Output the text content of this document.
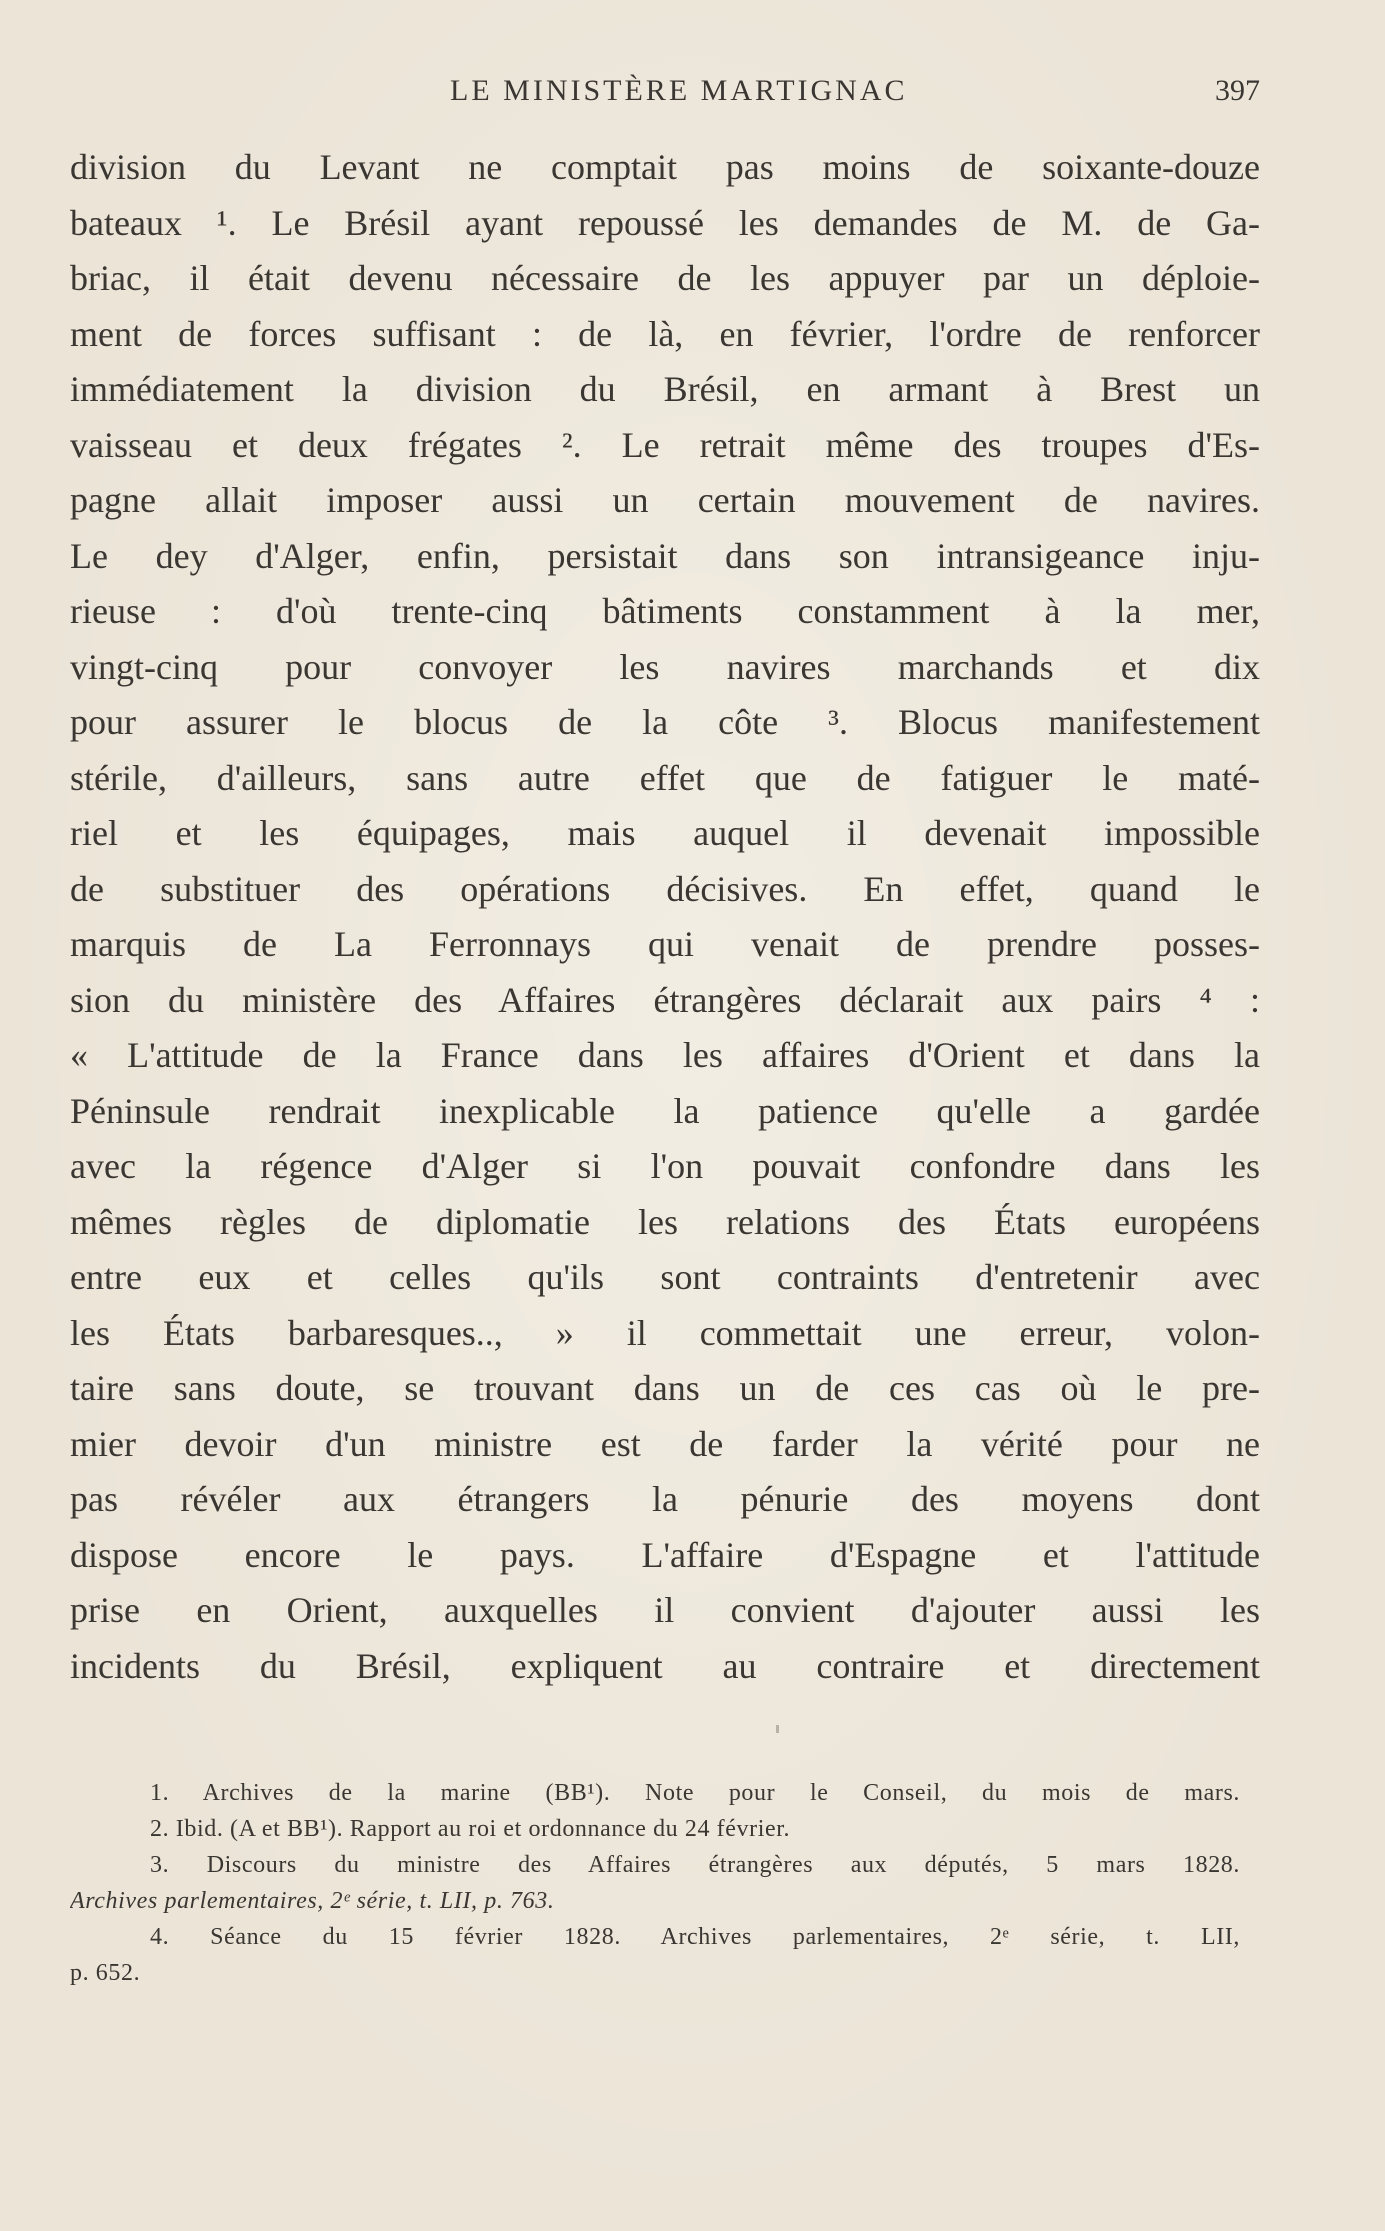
LE MINISTÈRE MARTIGNAC	397
division du Levant ne comptait pas moins de soixante-douze
bateaux ¹. Le Brésil ayant repoussé les demandes de M. de Ga-
briac, il était devenu nécessaire de les appuyer par un déploie-
ment de forces suffisant : de là, en février, l'ordre de renforcer
immédiatement la division du Brésil, en armant à Brest un
vaisseau et deux frégates ². Le retrait même des troupes d'Es-
pagne allait imposer aussi un certain mouvement de navires.
Le dey d'Alger, enfin, persistait dans son intransigeance inju-
rieuse : d'où trente-cinq bâtiments constamment à la mer,
vingt-cinq pour convoyer les navires marchands et dix
pour assurer le blocus de la côte ³. Blocus manifestement
stérile, d'ailleurs, sans autre effet que de fatiguer le maté-
riel et les équipages, mais auquel il devenait impossible
de substituer des opérations décisives. En effet, quand le
marquis de La Ferronnays qui venait de prendre posses-
sion du ministère des Affaires étrangères déclarait aux pairs ⁴ :
« L'attitude de la France dans les affaires d'Orient et dans la
Péninsule rendrait inexplicable la patience qu'elle a gardée
avec la régence d'Alger si l'on pouvait confondre dans les
mêmes règles de diplomatie les relations des États européens
entre eux et celles qu'ils sont contraints d'entretenir avec
les États barbaresques.., » il commettait une erreur, volon-
taire sans doute, se trouvant dans un de ces cas où le pre-
mier devoir d'un ministre est de farder la vérité pour ne
pas révéler aux étrangers la pénurie des moyens dont
dispose encore le pays. L'affaire d'Espagne et l'attitude
prise en Orient, auxquelles il convient d'ajouter aussi les
incidents du Brésil, expliquent au contraire et directement
1. Archives de la marine (BB¹). Note pour le Conseil, du mois de mars.
2. Ibid. (A et BB¹). Rapport au roi et ordonnance du 24 février.
3. Discours du ministre des Affaires étrangères aux députés, 5 mars 1828.
Archives parlementaires, 2ᵉ série, t. LII, p. 763.
4. Séance du 15 février 1828. Archives parlementaires, 2ᵉ série, t. LII,
p. 652.
